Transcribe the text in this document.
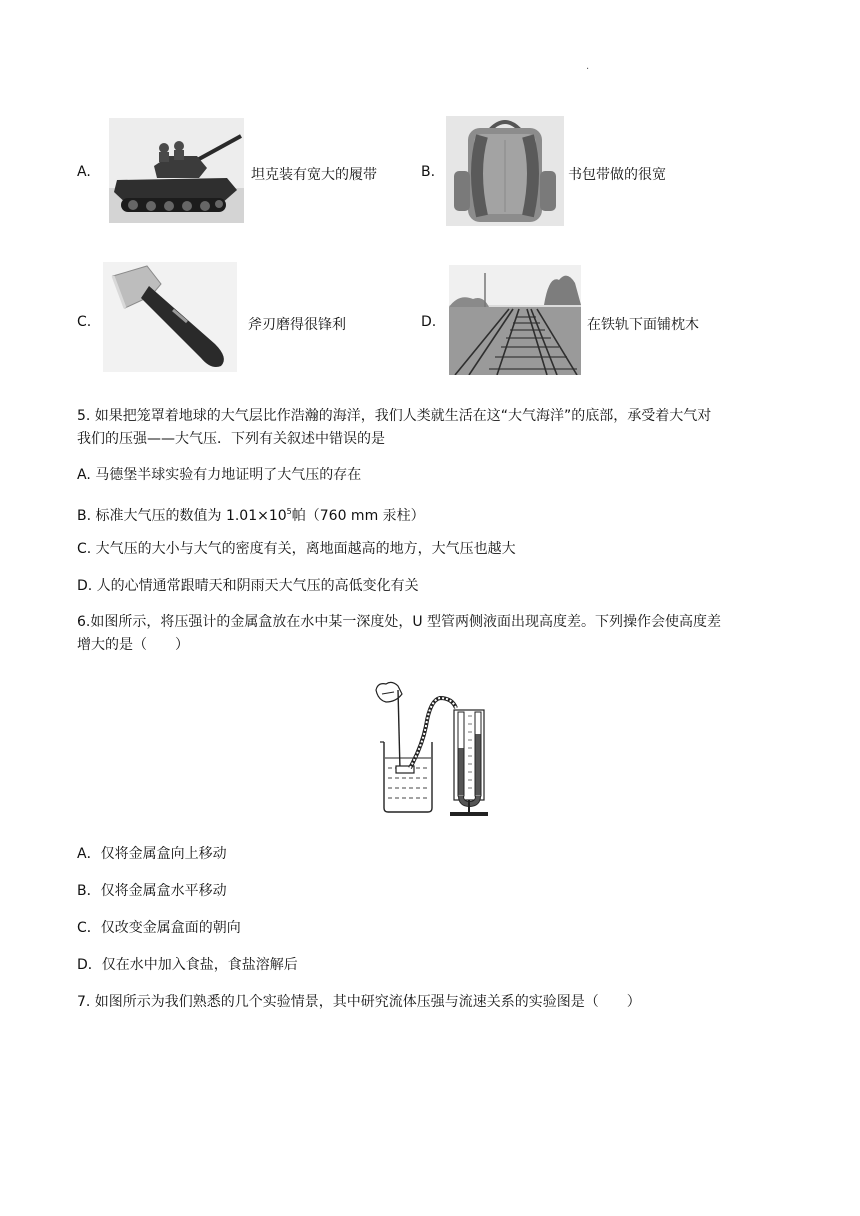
·
A.	坦克装有宽大的履带	B.	书包带做的很宽
C.	斧刃磨得很锋利	D.	在铁轨下面铺枕木
5. 如果把笼罩着地球的大气层比作浩瀚的海洋，我们人类就生活在这“大气海洋”的底部，承受着大气对
我们的压强——大气压．下列有关叙述中错误的是
A. 马德堡半球实验有力地证明了大气压的存在
B. 标准大气压的数值为 $1.01\times 10^5$帕（760 mm 汞柱）
C. 大气压的大小与大气的密度有关，离地面越高的地方，大气压也越大
D. 人的心情通常跟晴天和阴雨天大气压的高低变化有关
6.如图所示，将压强计的金属盒放在水中某一深度处，U 型管两侧液面出现高度差。下列操作会使高度差
增大的是（　　）
A．仅将金属盒向上移动
B．仅将金属盒水平移动
C．仅改变金属盒面的朝向
D．仅在水中加入食盐，食盐溶解后
7. 如图所示为我们熟悉的几个实验情景，其中研究流体压强与流速关系的实验图是（　　）
